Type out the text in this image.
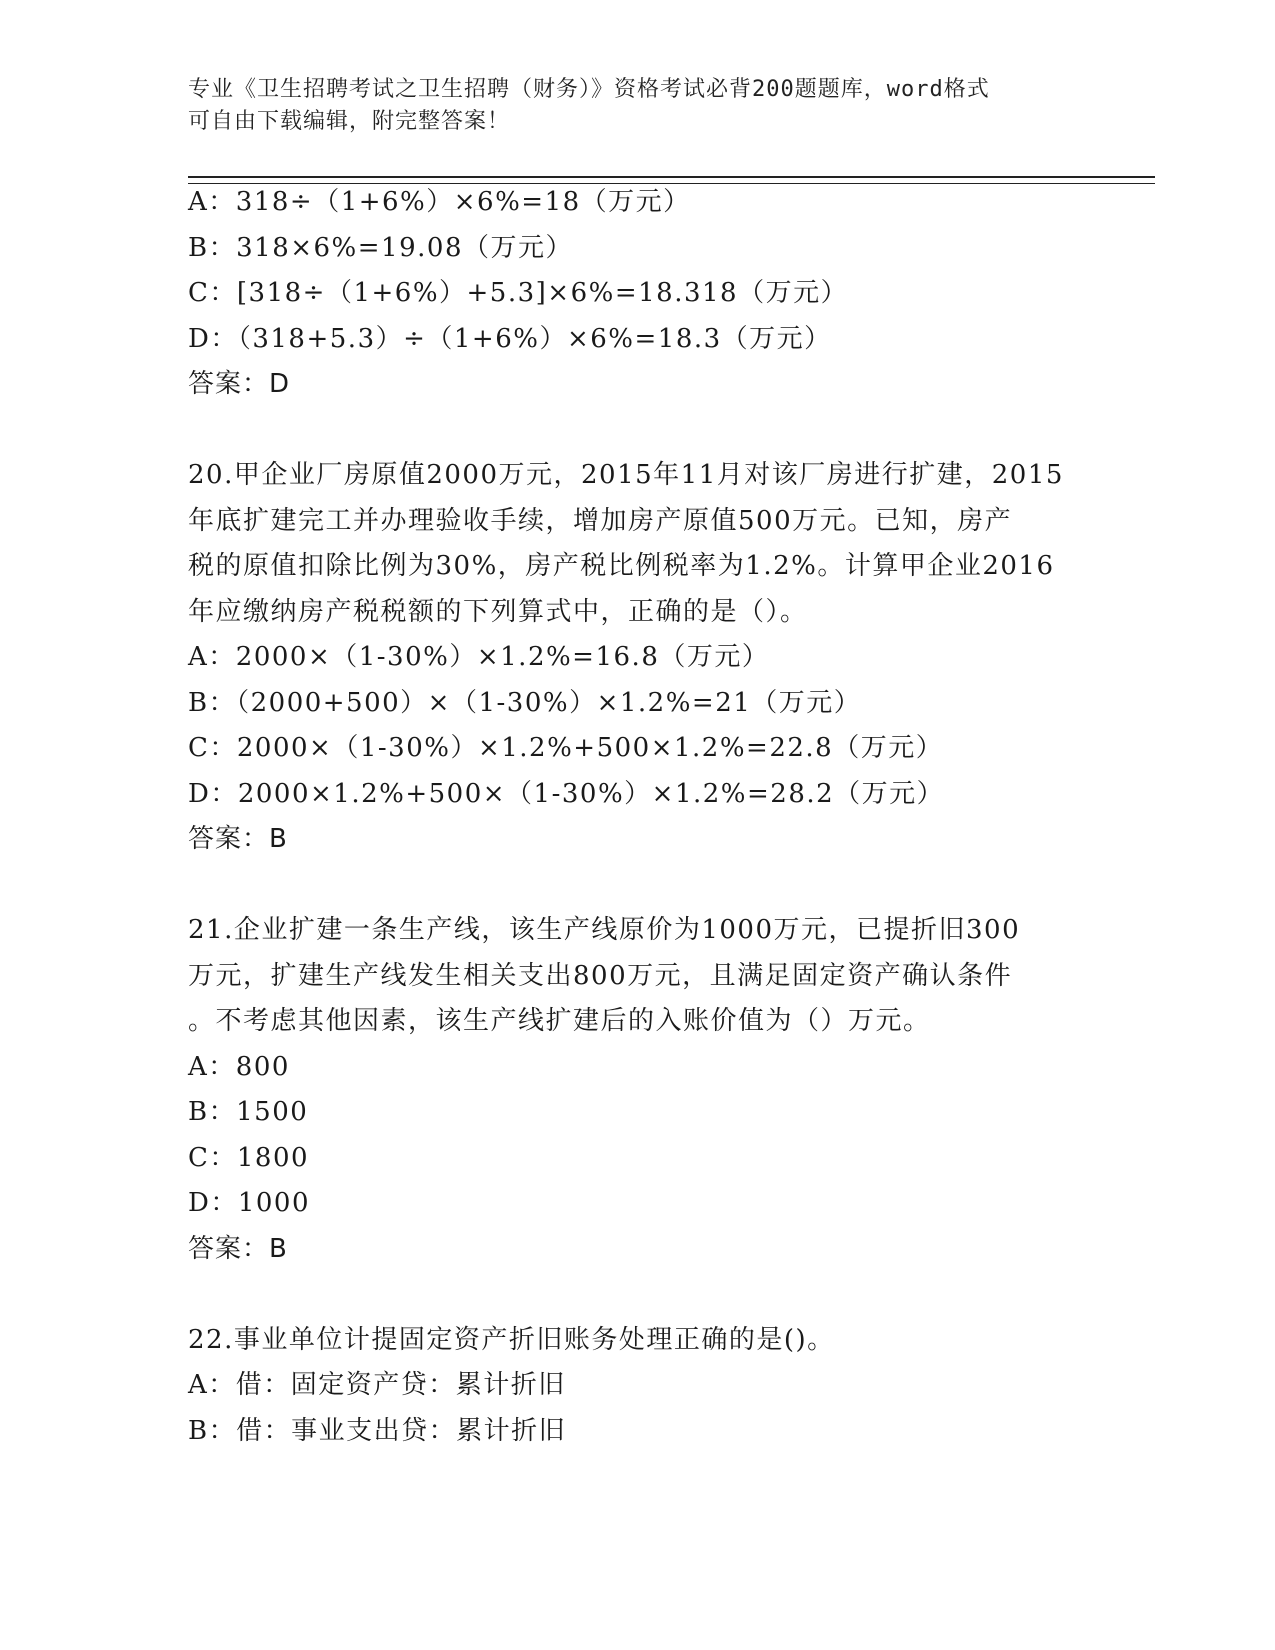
专业《卫生招聘考试之卫生招聘（财务）》资格考试必背200题题库，word格式
可自由下载编辑，附完整答案！
A：318÷（1+6%）×6%=18（万元）
B：318×6%=19.08（万元）
C：[318÷（1+6%）+5.3]×6%=18.318（万元）
D：（318+5.3）÷（1+6%）×6%=18.3（万元）
答案：D
20.甲企业厂房原值2000万元，2015年11月对该厂房进行扩建，2015
年底扩建完工并办理验收手续，增加房产原值500万元。已知，房产
税的原值扣除比例为30%，房产税比例税率为1.2%。计算甲企业2016
年应缴纳房产税税额的下列算式中，正确的是（）。
A：2000×（1-30%）×1.2%=16.8（万元）
B：（2000+500）×（1-30%）×1.2%=21（万元）
C：2000×（1-30%）×1.2%+500×1.2%=22.8（万元）
D：2000×1.2%+500×（1-30%）×1.2%=28.2（万元）
答案：B
21.企业扩建一条生产线，该生产线原价为1000万元，已提折旧300
万元，扩建生产线发生相关支出800万元，且满足固定资产确认条件
。不考虑其他因素，该生产线扩建后的入账价值为（）万元。
A：800
B：1500
C：1800
D：1000
答案：B
22.事业单位计提固定资产折旧账务处理正确的是()。
A：借：固定资产贷：累计折旧
B：借：事业支出贷：累计折旧
